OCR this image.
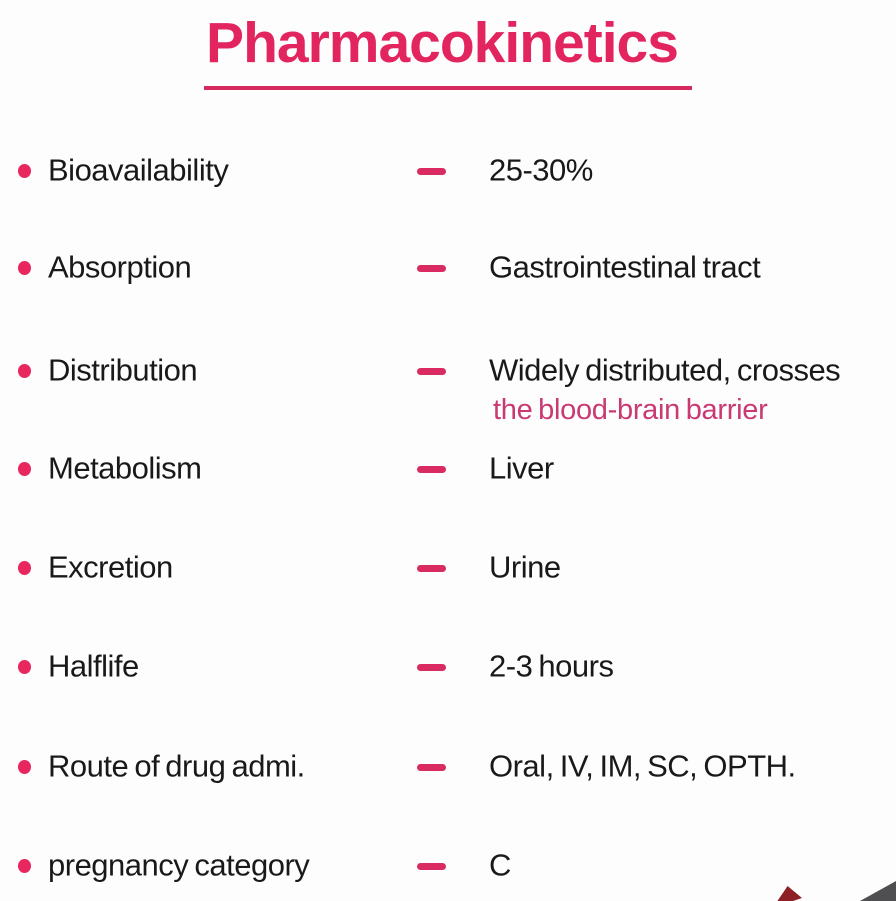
Pharmacokinetics
Bioavailability	25-30%
Absorption	Gastrointestinal tract
Distribution	Widely distributed, crosses
the blood-brain barrier
Metabolism	Liver
Excretion	Urine
Halflife	2-3 hours
Route of drug admi.	Oral, IV, IM, SC, OPTH.
pregnancy category	C
